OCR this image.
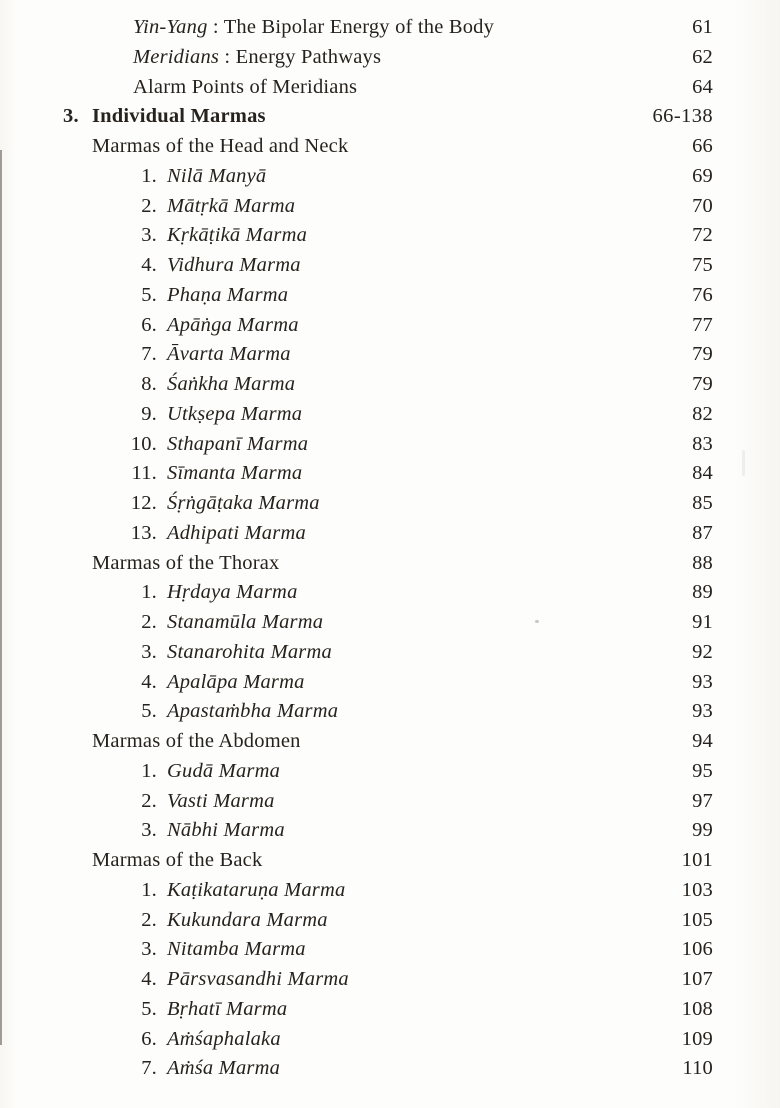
Yin-Yang : The Bipolar Energy of the Body	61
Meridians : Energy Pathways	62
Alarm Points of Meridians	64
3. Individual Marmas	66-138
Marmas of the Head and Neck	66
1. Nilā Manyā	69
2. Mātṛkā Marma	70
3. Kṛkāṭikā Marma	72
4. Vidhura Marma	75
5. Phaṇa Marma	76
6. Apāṅga Marma	77
7. Āvarta Marma	79
8. Śaṅkha Marma	79
9. Utkṣepa Marma	82
10. Sthapanī Marma	83
11. Sīmanta Marma	84
12. Śṛṅgāṭaka Marma	85
13. Adhipati Marma	87
Marmas of the Thorax	88
1. Hṛdaya Marma	89
2. Stanamūla Marma	91
3. Stanarohita Marma	92
4. Apalāpa Marma	93
5. Apastaṁbha Marma	93
Marmas of the Abdomen	94
1. Gudā Marma	95
2. Vasti Marma	97
3. Nābhi Marma	99
Marmas of the Back	101
1. Kaṭikataruṇa Marma	103
2. Kukundara Marma	105
3. Nitamba Marma	106
4. Pārsvasandhi Marma	107
5. Bṛhatī Marma	108
6. Aṁśaphalaka	109
7. Aṁśa Marma	110
